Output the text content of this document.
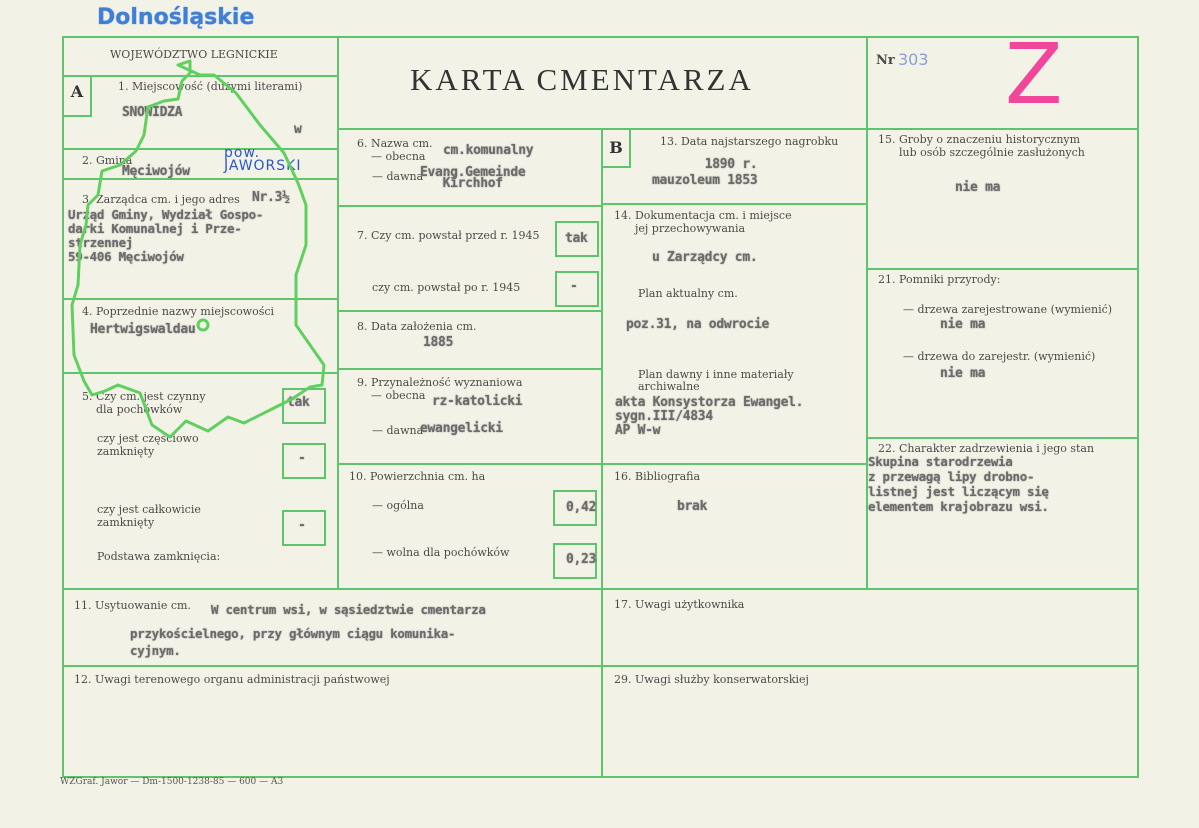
Dolnośląskie
WOJEWÓDZTWO LEGNICKIE
KARTA CMENTARZA
Nr 303 Z
A	1. Miejscowość (dużymi literami)
SNOWIDZA
w
2. Gmina
Męciwojów
pow.
JAWORSKI
3. Zarządca cm. i jego adres Nr.3½
Urząd Gminy, Wydział Gospo-
darki Komunalnej i Prze-
strzennej
59-406 Męciwojów
4. Poprzednie nazwy miejscowości
Hertwigswaldau
5. Czy cm. jest czynny
dla pochówków	tak
czy jest częściowo
zamknięty	-
czy jest całkowicie
zamknięty	-
Podstawa zamknięcia:
6. Nazwa cm.
— obecna	cm.komunalny
— dawna
Evang.Gemeinde
Kirchhof
7. Czy cm. powstał przed r. 1945 tak
czy cm. powstał po r. 1945	-
8. Data założenia cm.
1885
9. Przynależność wyznaniowa
— obecna rz-katolicki
— dawna
ewangelicki
10. Powierzchnia cm. ha
— ogólna	0,42
— wolna dla pochówków	0,23
B	13. Data najstarszego nagrobku
1890 r.
mauzoleum 1853
14. Dokumentacja cm. i miejsce
jej przechowywania
u Zarządcy cm.
Plan aktualny cm.
poz.31, na odwrocie
Plan dawny i inne materiały
archiwalne
akta Konsystorza Ewangel.
sygn.III/4834
AP W-w
16. Bibliografia
brak
15. Groby o znaczeniu historycznym
lub osób szczególnie zasłużonych
nie ma
21. Pomniki przyrody:
— drzewa zarejestrowane (wymienić)
nie ma
— drzewa do zarejestr. (wymienić)
nie ma
22. Charakter zadrzewienia i jego stan
Skupina starodrzewia
z przewagą lipy drobno-
listnej jest liczącym się
elementem krajobrazu wsi.
11. Usytuowanie cm. W centrum wsi, w sąsiedztwie cmentarza
przykościelnego, przy głównym ciągu komunika-
cyjnym.
17. Uwagi użytkownika
12. Uwagi terenowego organu administracji państwowej	29. Uwagi służby konserwatorskiej
WZGraf. Jawor — Dm-1500-1238-85 — 600 — A3
